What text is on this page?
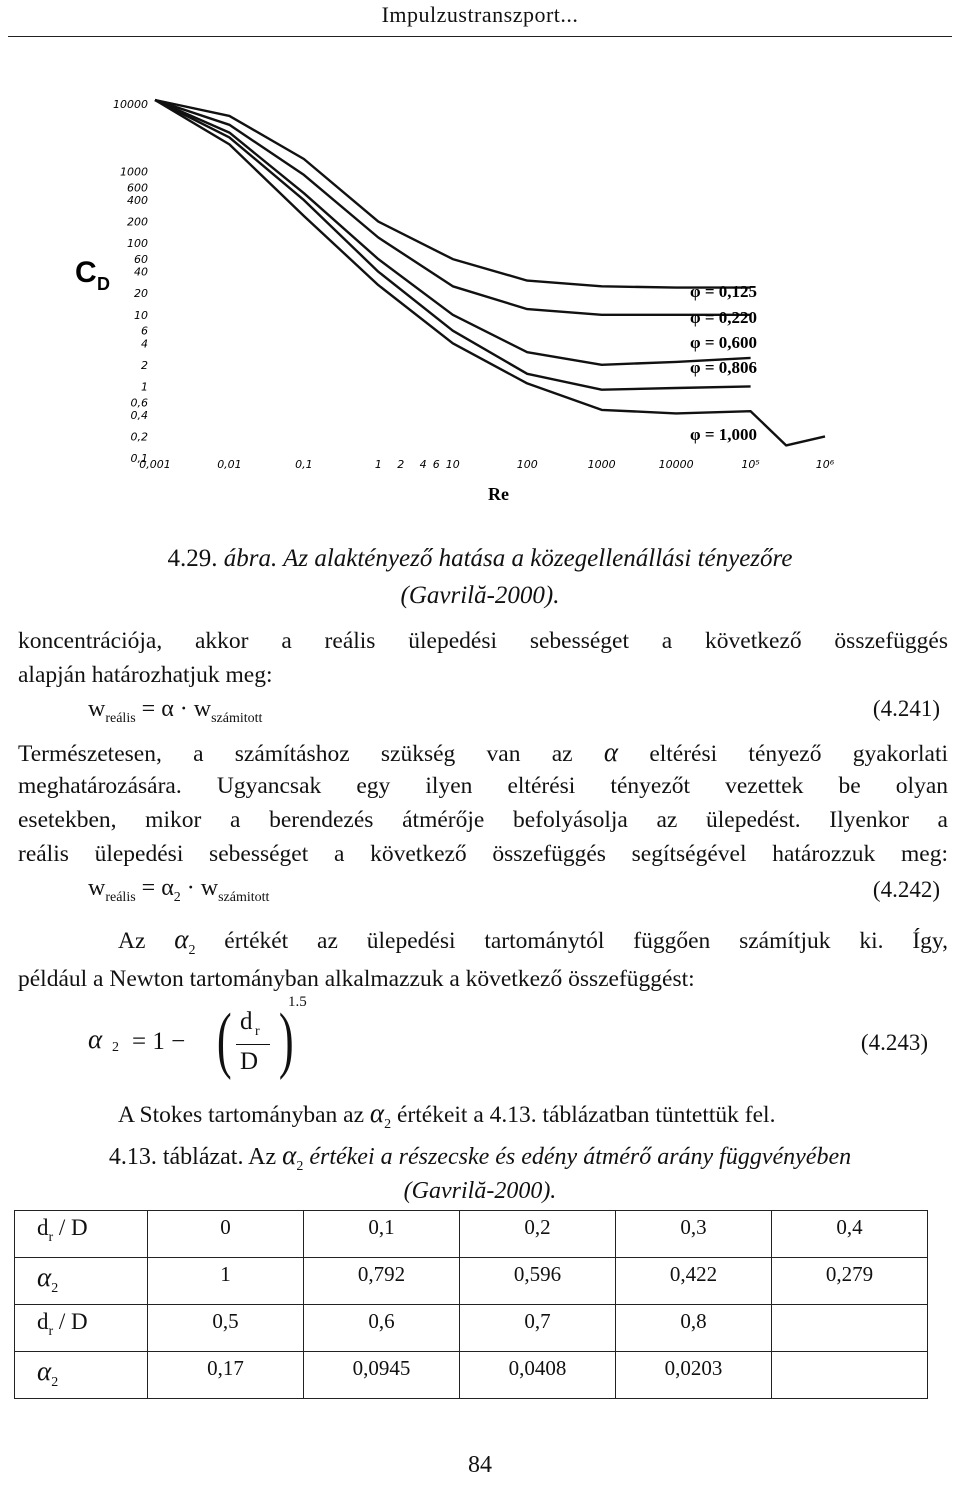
Impulzustranszport...
10000
1000
600
400
200
100
60
40
20
10
6
4
2
1
0,6
0,4
0,2
0,1
0,001	0,01	0,1	1 2 4 6 10	100	1000	10000	10⁵	10⁶
C D
Re
φ = 0,125
φ = 0,220
φ = 0,600
φ = 0,806
φ = 1,000
4.29. ábra. Az alaktényező hatása a közegellenállási tényezőre
(Gavrilă-2000).
koncentrációja, akkor a reális ülepedési sebességet a következő összefüggés
alapján határozhatjuk meg:
$w_{reális} = \alpha \cdot w_{számitott}$	(4.241)
Természetesen, a számításhoz szükség van az α eltérési tényező gyakorlati
meghatározására. Ugyancsak egy ilyen eltérési tényezőt vezettek be olyan
esetekben, mikor a berendezés átmérője befolyásolja az ülepedést. Ilyenkor a
reális ülepedési sebességet a következő összefüggés segítségével határozzuk meg:
$w_{reális} = \alpha_2 \cdot w_{számitott}$	(4.242)
Az $\alpha_2$ értékét az ülepedési tartománytól függően számítjuk ki. Így,
például a Newton tartományban alkalmazzuk a következő összefüggést:
α 2 = 1 − ( d r
D )
1.5
(4.243)
A Stokes tartományban az $\alpha_2$ értékeit a 4.13. táblázatban tüntettük fel.
4.13. táblázat. Az $\alpha_2$ értékei a részecske és edény átmérő arány függvényében
(Gavrilă-2000).
$d_r$ / D	0	0,1	0,2	0,3	0,4
$\alpha_2$	1	0,792	0,596	0,422	0,279
$d_r$ / D	0,5	0,6	0,7	0,8	
$\alpha_2$	0,17	0,0945	0,0408	0,0203	
84
